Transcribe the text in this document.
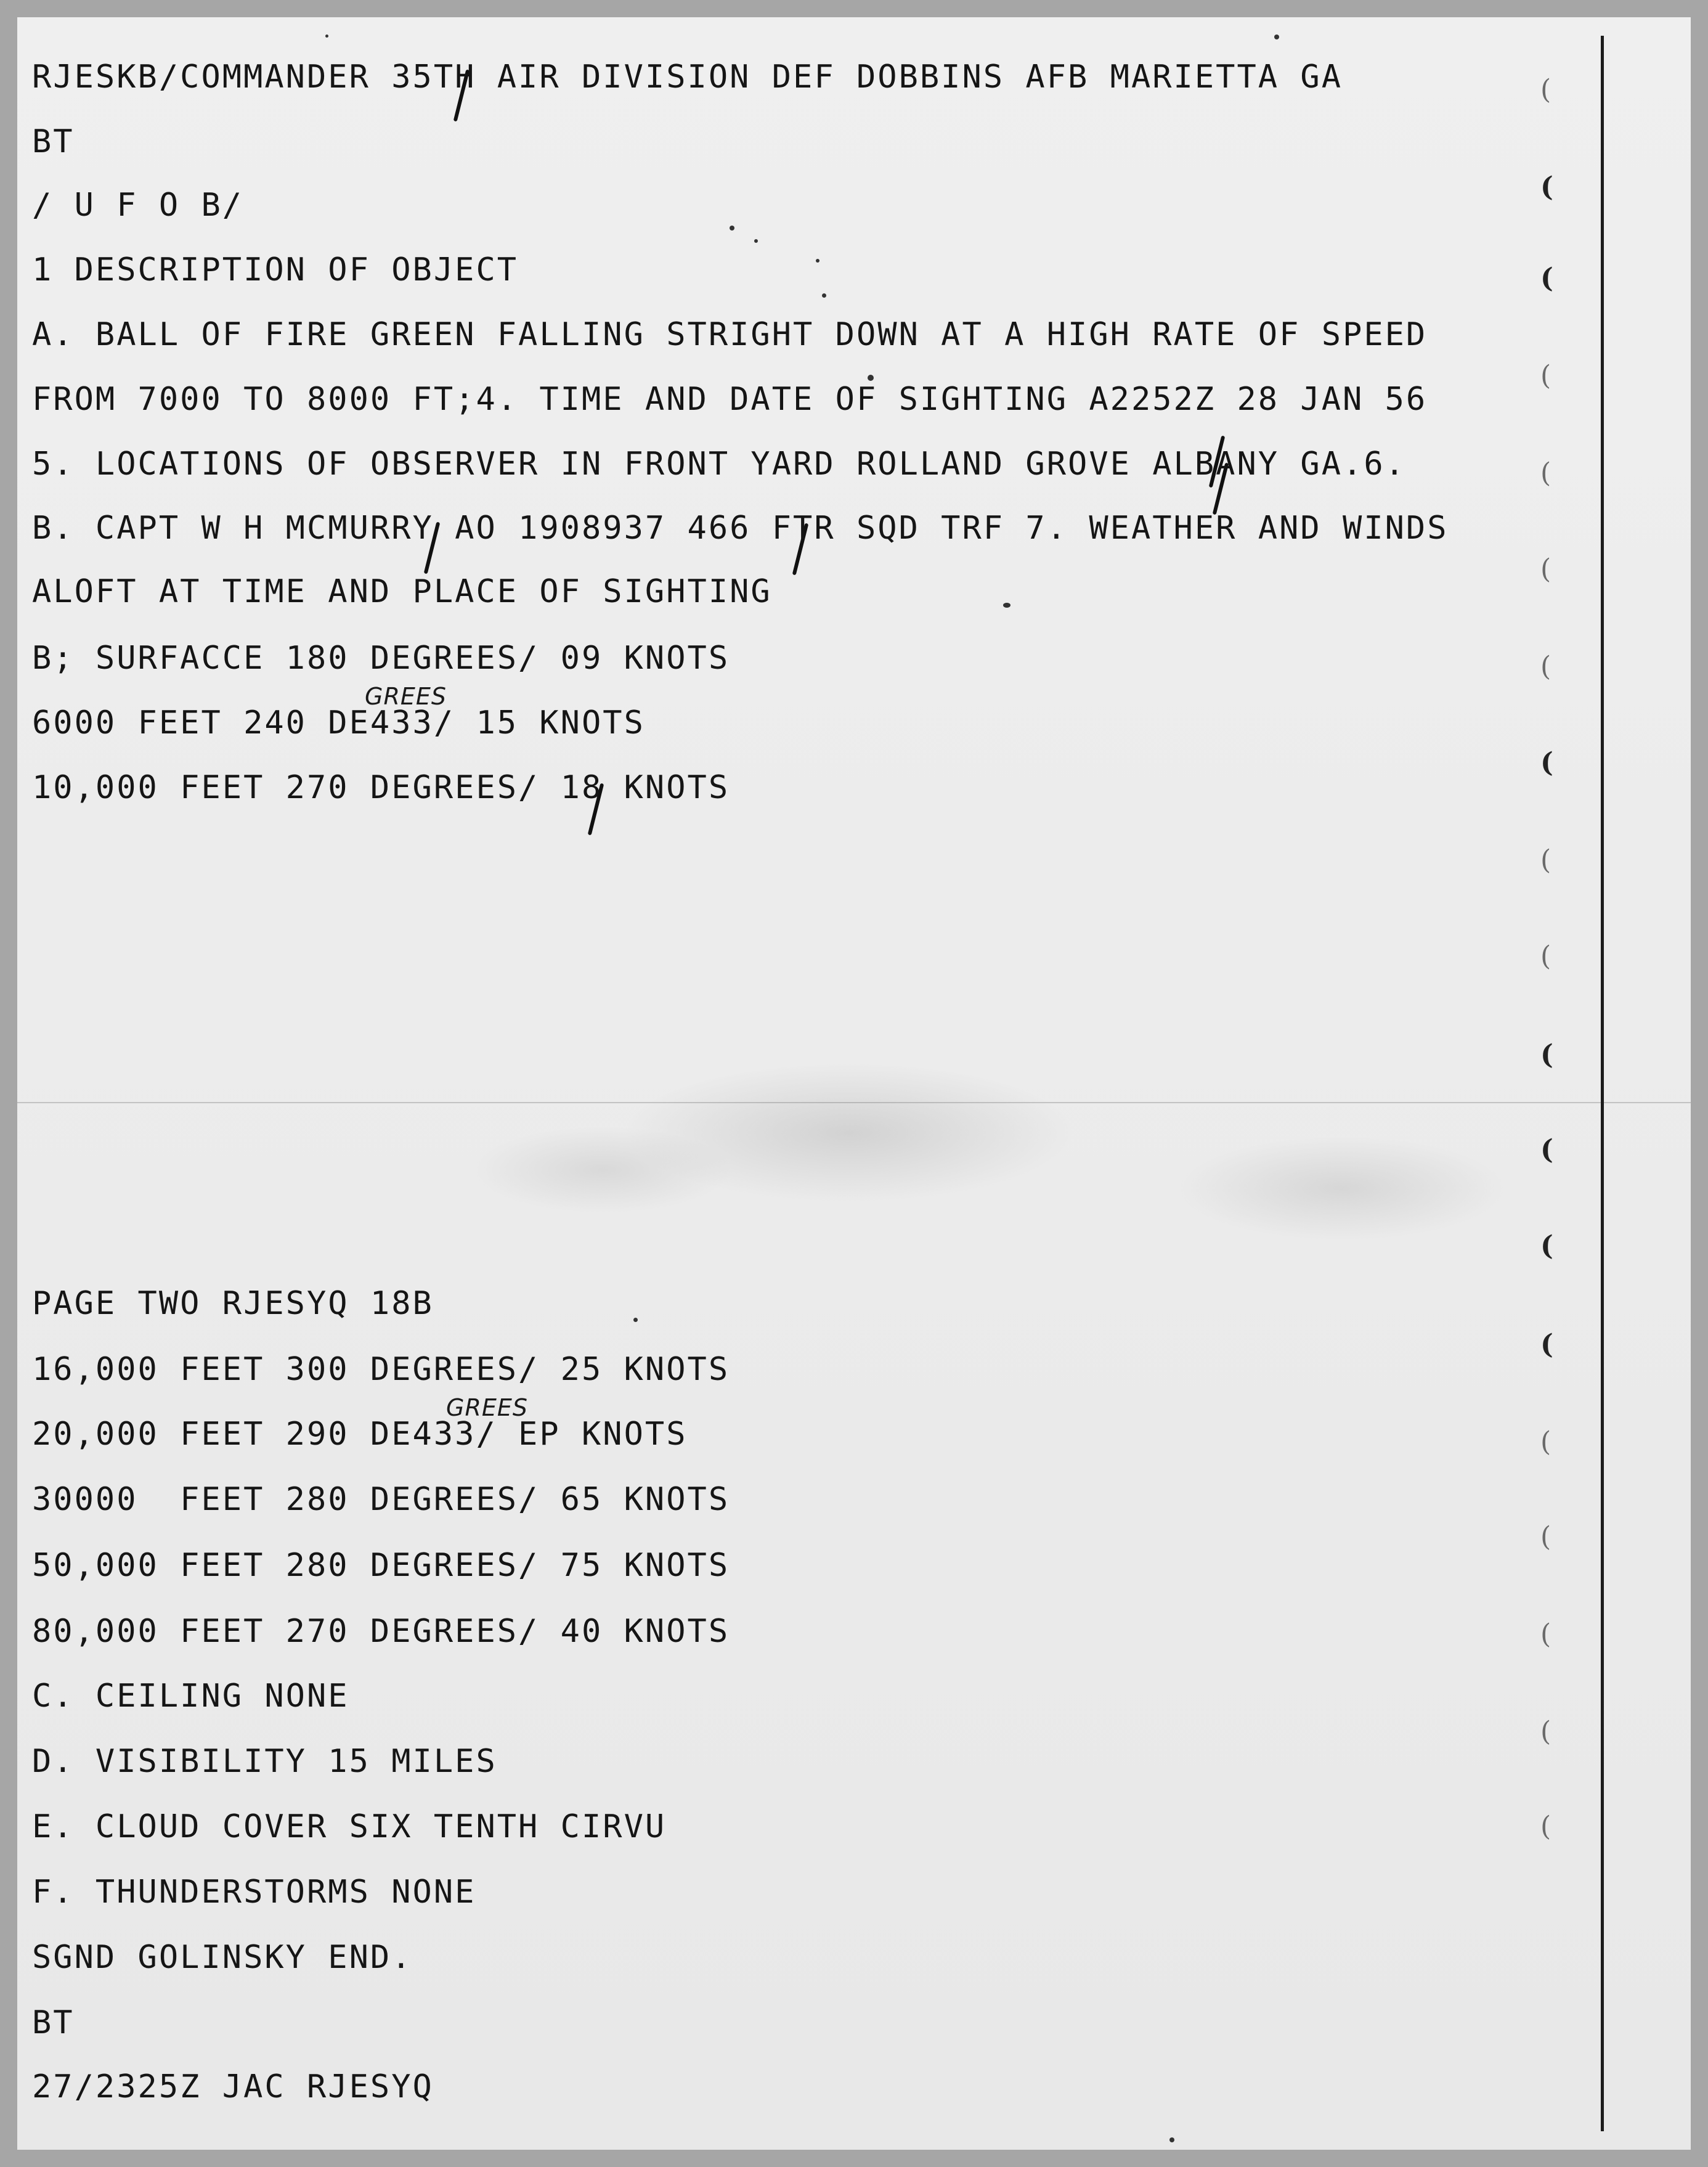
(
(
(
(
(
(
(
(
(
(
(
(
(
(
(
(
(
(
(
RJESKB/COMMANDER 35TH AIR DIVISION DEF DOBBINS AFB MARIETTA GA
BT
/ U F O B/
1 DESCRIPTION OF OBJECT
A. BALL OF FIRE GREEN FALLING STRIGHT DOWN AT A HIGH RATE OF SPEED
FROM 7000 TO 8000 FT;4. TIME AND DATE OF SIGHTING A2252Z 28 JAN 56
5. LOCATIONS OF OBSERVER IN FRONT YARD ROLLAND GROVE ALBANY GA.6.
B. CAPT W H MCMURRY AO 1908937 466 FTR SQD TRF 7. WEATHER AND WINDS
ALOFT AT TIME AND PLACE OF SIGHTING
B; SURFACCE 180 DEGREES/ 09 KNOTS
6000 FEET 240 DE433/ 15 KNOTS
10,000 FEET 270 DEGREES/ 18 KNOTS
PAGE TWO RJESYQ 18B
16,000 FEET 300 DEGREES/ 25 KNOTS
20,000 FEET 290 DE433/ EP KNOTS
30000  FEET 280 DEGREES/ 65 KNOTS
50,000 FEET 280 DEGREES/ 75 KNOTS
80,000 FEET 270 DEGREES/ 40 KNOTS
C. CEILING NONE
D. VISIBILITY 15 MILES
E. CLOUD COVER SIX TENTH CIRVU
F. THUNDERSTORMS NONE
SGND GOLINSKY END.
BT
27/2325Z JAC RJESYQ
GREES
GREES
